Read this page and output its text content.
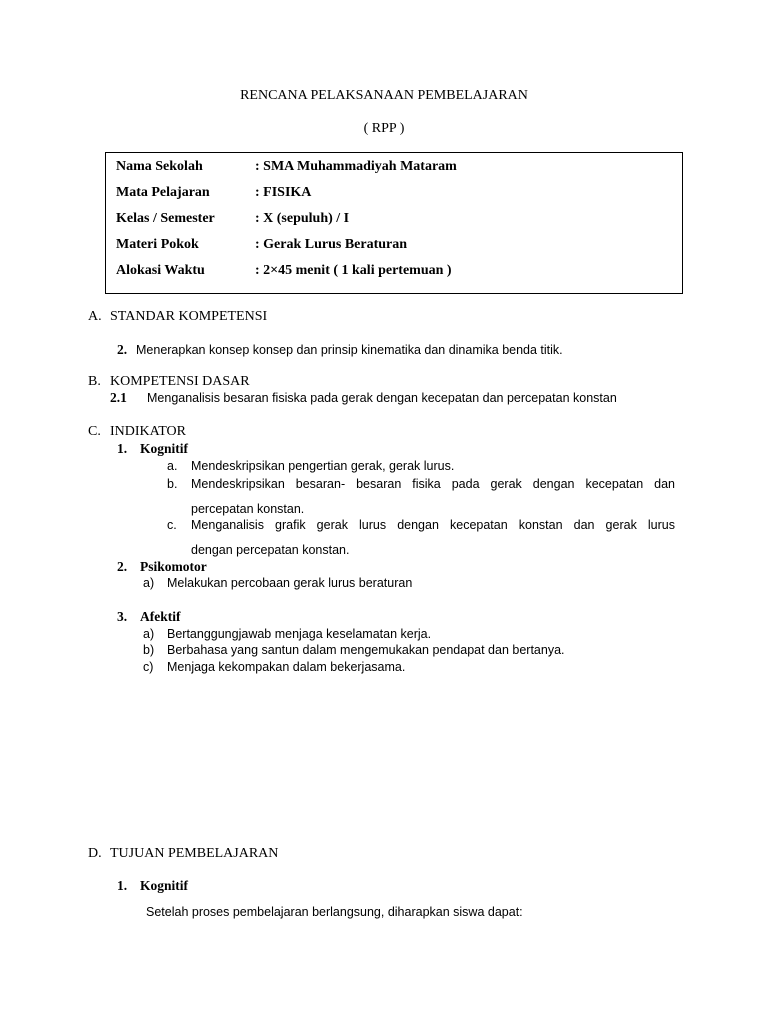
RENCANA PELAKSANAAN PEMBELAJARAN
( RPP )
Nama Sekolah	: SMA Muhammadiyah Mataram
Mata Pelajaran	: FISIKA
Kelas / Semester	: X (sepuluh) / I
Materi Pokok	: Gerak Lurus Beraturan
Alokasi Waktu	: 2×45 menit ( 1 kali pertemuan )
A. STANDAR KOMPETENSI
2. Menerapkan konsep konsep dan prinsip kinematika dan dinamika benda titik.
B. KOMPETENSI DASAR
2.1 Menganalisis besaran fisiska pada gerak dengan kecepatan dan percepatan konstan
C. INDIKATOR
1. Kognitif
a. Mendeskripsikan pengertian gerak, gerak lurus.
b. Mendeskripsikan besaran- besaran fisika pada gerak dengan kecepatan dan
percepatan konstan.
c. Menganalisis grafik gerak lurus dengan kecepatan konstan dan gerak lurus
dengan percepatan konstan.
2. Psikomotor
a) Melakukan percobaan gerak lurus beraturan
3. Afektif
a) Bertanggungjawab menjaga keselamatan kerja.
b) Berbahasa yang santun dalam mengemukakan pendapat dan bertanya.
c) Menjaga kekompakan dalam bekerjasama.
D. TUJUAN PEMBELAJARAN
1. Kognitif
Setelah proses pembelajaran berlangsung, diharapkan siswa dapat:
